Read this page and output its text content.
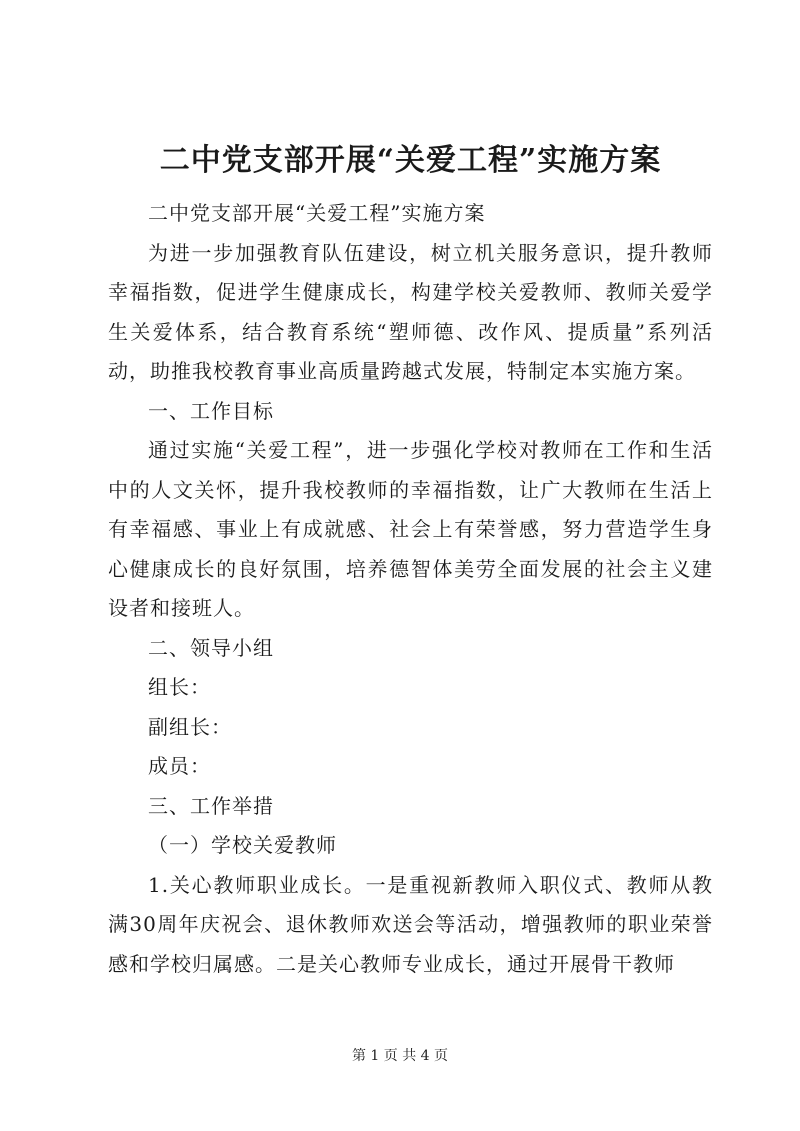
二中党支部开展“关爱工程”实施方案

二中党支部开展“关爱工程”实施方案

为进一步加强教育队伍建设，树立机关服务意识，提升教师幸福指数，促进学生健康成长，构建学校关爱教师、教师关爱学生关爱体系，结合教育系统“塑师德、改作风、提质量”系列活动，助推我校教育事业高质量跨越式发展，特制定本实施方案。

一、工作目标

通过实施“关爱工程”，进一步强化学校对教师在工作和生活中的人文关怀，提升我校教师的幸福指数，让广大教师在生活上有幸福感、事业上有成就感、社会上有荣誉感，努力营造学生身心健康成长的良好氛围，培养德智体美劳全面发展的社会主义建设者和接班人。

二、领导小组

组长：

副组长：

成员：

三、工作举措

（一）学校关爱教师

1.关心教师职业成长。一是重视新教师入职仪式、教师从教满30周年庆祝会、退休教师欢送会等活动，增强教师的职业荣誉感和学校归属感。二是关心教师专业成长，通过开展骨干教师

第 1 页 共 4 页
